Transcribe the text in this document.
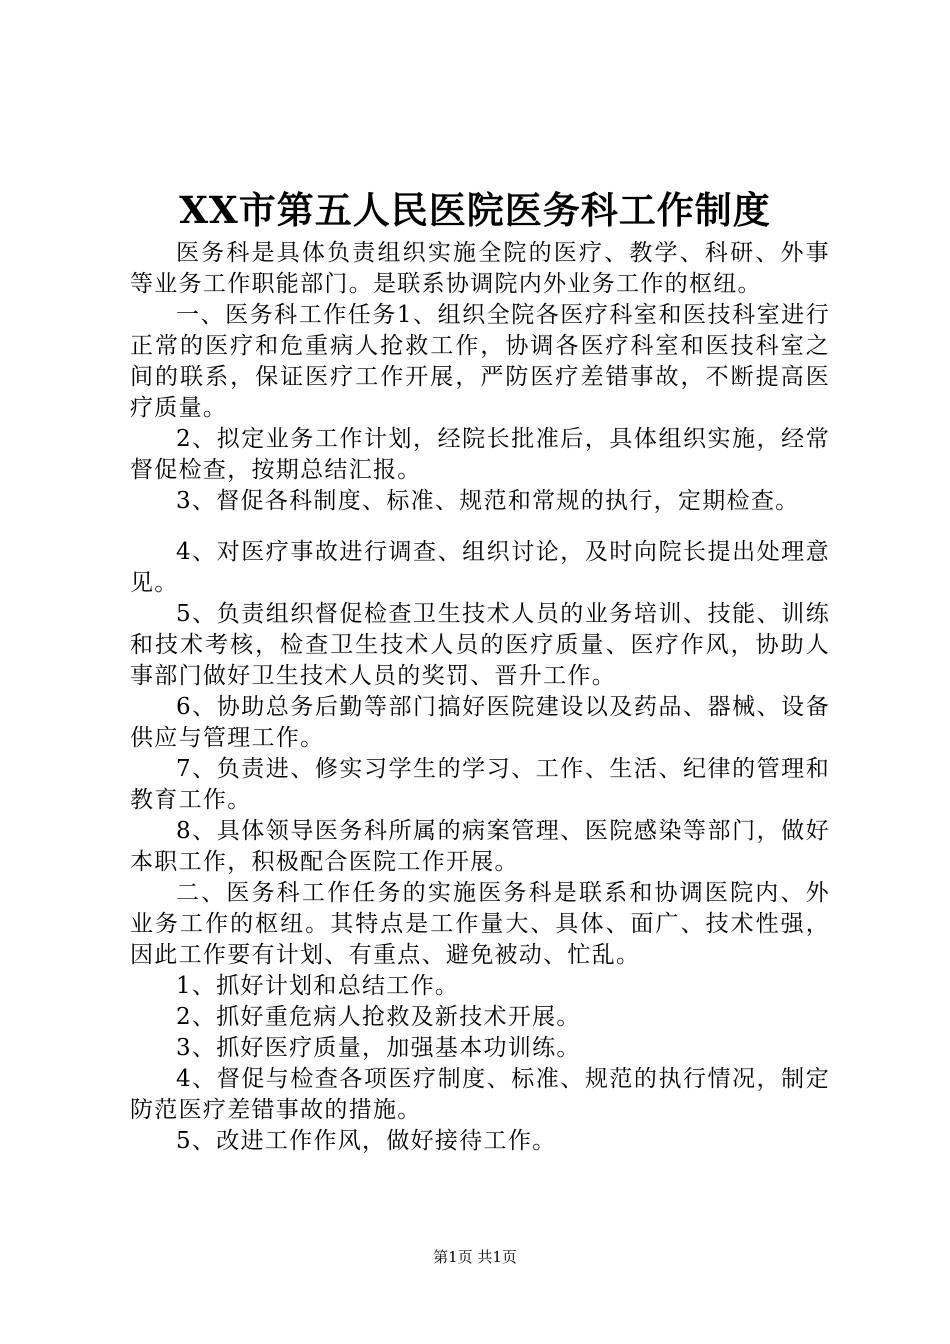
XX市第五人民医院医务科工作制度

医务科是具体负责组织实施全院的医疗、教学、科研、外事等业务工作职能部门。是联系协调院内外业务工作的枢纽。

一、医务科工作任务1、组织全院各医疗科室和医技科室进行正常的医疗和危重病人抢救工作，协调各医疗科室和医技科室之间的联系，保证医疗工作开展，严防医疗差错事故，不断提高医疗质量。

2、拟定业务工作计划，经院长批准后，具体组织实施，经常督促检查，按期总结汇报。

3、督促各科制度、标准、规范和常规的执行，定期检查。

4、对医疗事故进行调查、组织讨论，及时向院长提出处理意见。

5、负责组织督促检查卫生技术人员的业务培训、技能、训练和技术考核，检查卫生技术人员的医疗质量、医疗作风，协助人事部门做好卫生技术人员的奖罚、晋升工作。

6、协助总务后勤等部门搞好医院建设以及药品、器械、设备供应与管理工作。

7、负责进、修实习学生的学习、工作、生活、纪律的管理和教育工作。

8、具体领导医务科所属的病案管理、医院感染等部门，做好本职工作，积极配合医院工作开展。

二、医务科工作任务的实施医务科是联系和协调医院内、外业务工作的枢纽。其特点是工作量大、具体、面广、技术性强，因此工作要有计划、有重点、避免被动、忙乱。

1、抓好计划和总结工作。

2、抓好重危病人抢救及新技术开展。

3、抓好医疗质量，加强基本功训练。

4、督促与检查各项医疗制度、标准、规范的执行情况，制定防范医疗差错事故的措施。

5、改进工作作风，做好接待工作。

第1页 共1页
